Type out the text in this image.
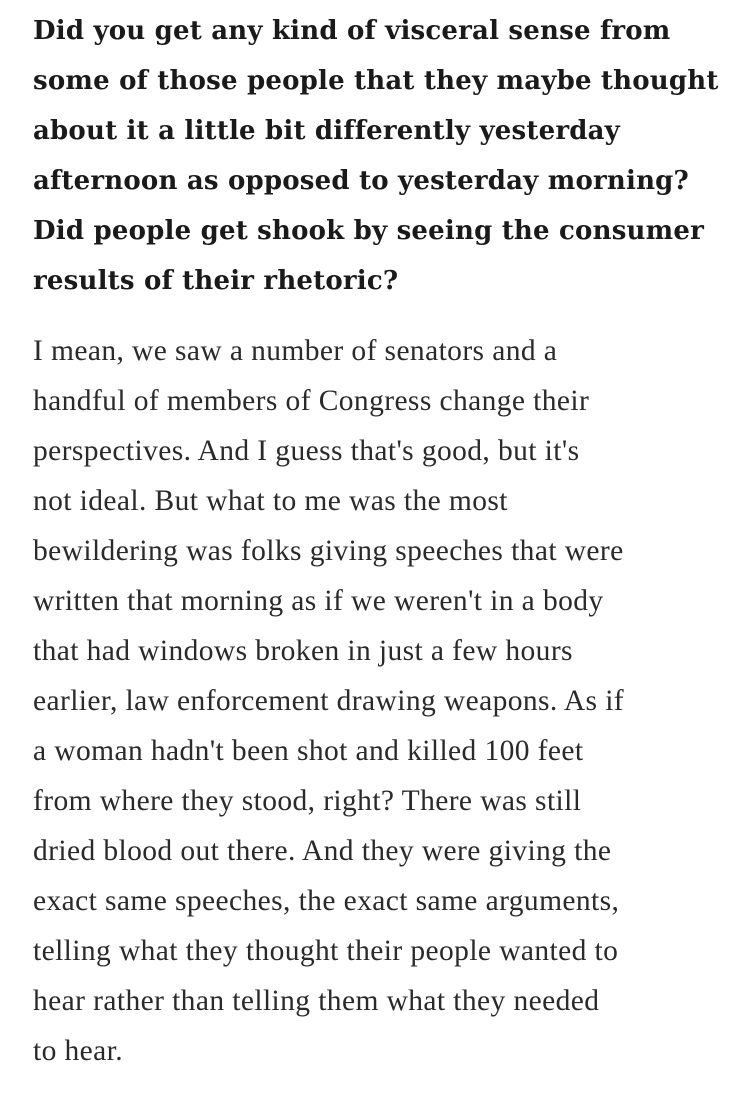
Did you get any kind of visceral sense from
some of those people that they maybe thought
about it a little bit differently yesterday
afternoon as opposed to yesterday morning?
Did people get shook by seeing the consumer
results of their rhetoric?

I mean, we saw a number of senators and a
handful of members of Congress change their
perspectives. And I guess that's good, but it's
not ideal. But what to me was the most
bewildering was folks giving speeches that were
written that morning as if we weren't in a body
that had windows broken in just a few hours
earlier, law enforcement drawing weapons. As if
a woman hadn't been shot and killed 100 feet
from where they stood, right? There was still
dried blood out there. And they were giving the
exact same speeches, the exact same arguments,
telling what they thought their people wanted to
hear rather than telling them what they needed
to hear.
